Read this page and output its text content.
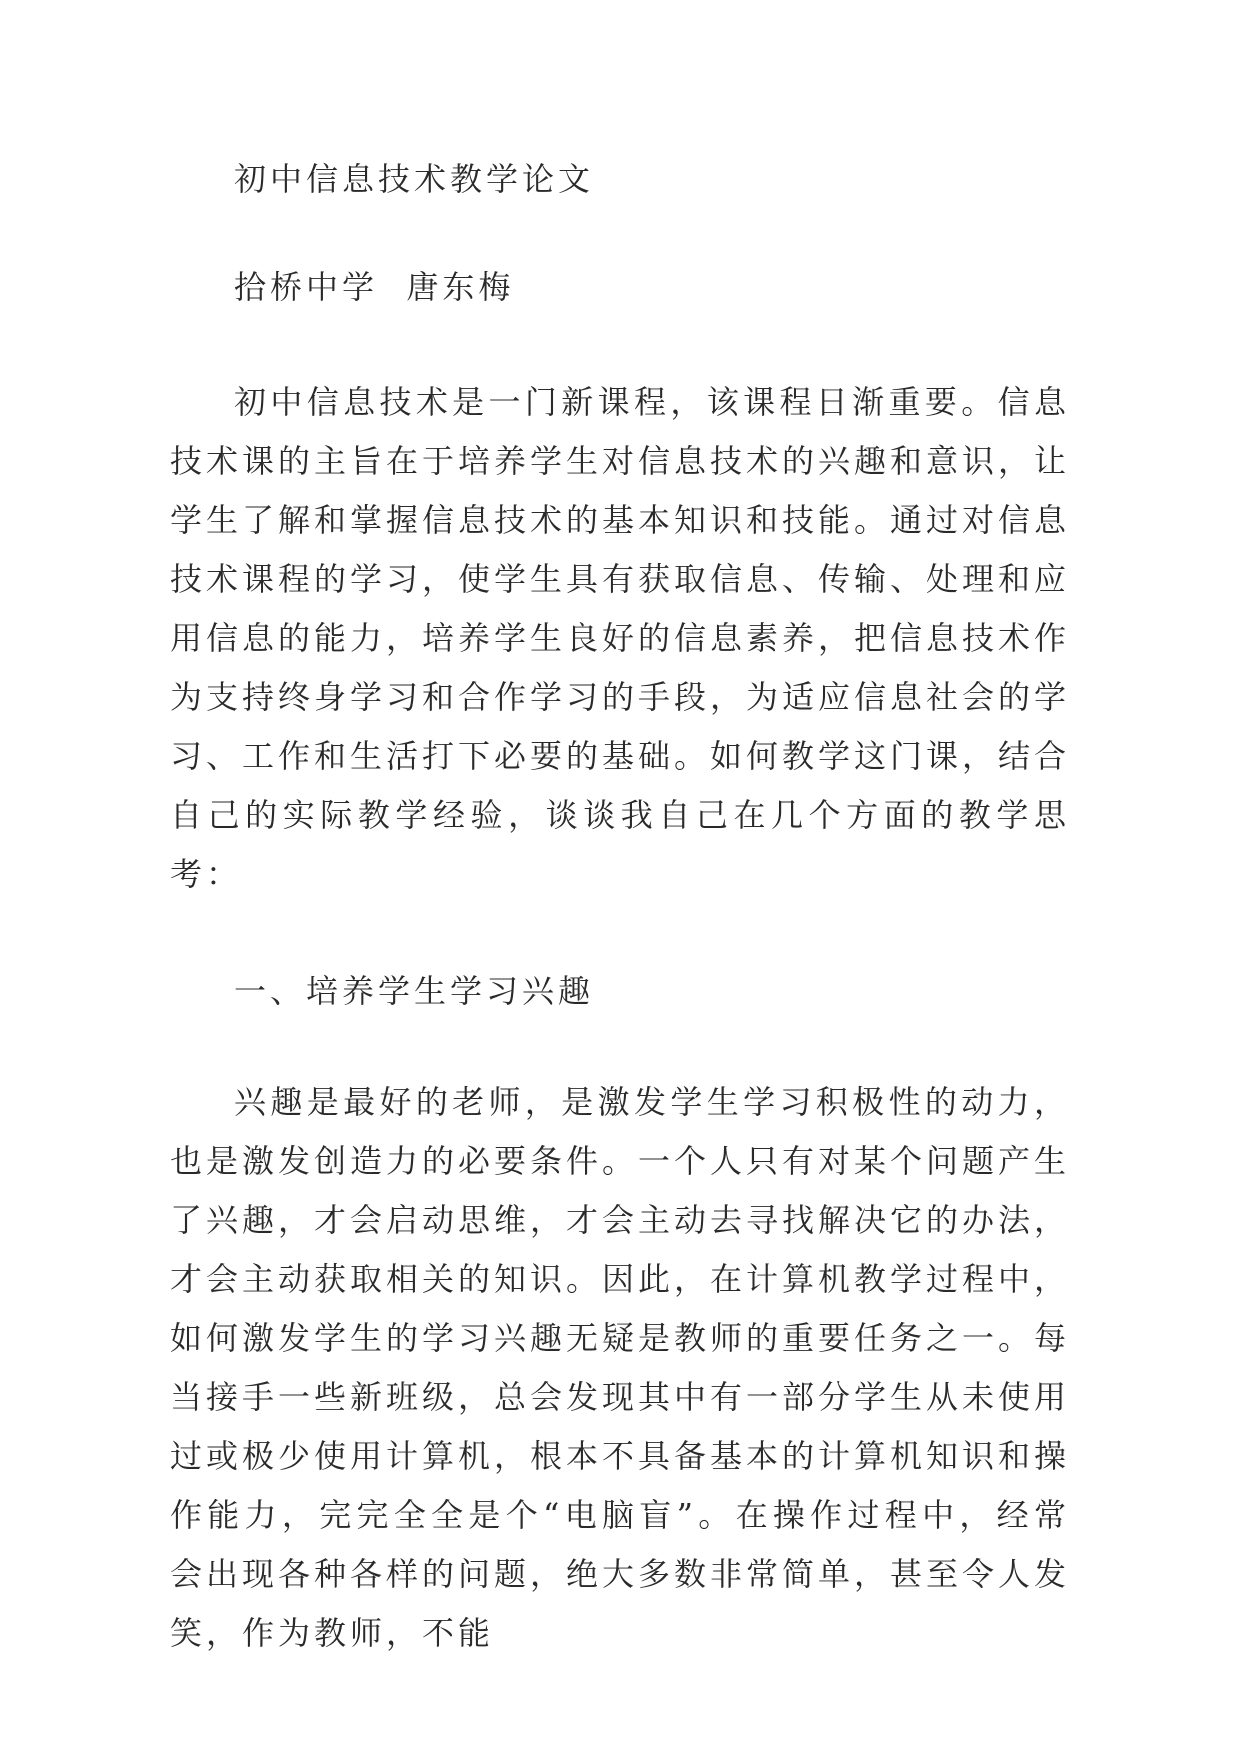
初中信息技术教学论文
拾桥中学  唐东梅

初中信息技术是一门新课程，该课程日渐重要。信息技术课的主旨在于培养学生对信息技术的兴趣和意识，让学生了解和掌握信息技术的基本知识和技能。通过对信息技术课程的学习，使学生具有获取信息、传输、处理和应用信息的能力，培养学生良好的信息素养，把信息技术作为支持终身学习和合作学习的手段，为适应信息社会的学习、工作和生活打下必要的基础。如何教学这门课，结合自己的实际教学经验，谈谈我自己在几个方面的教学思考：

一、培养学生学习兴趣

兴趣是最好的老师，是激发学生学习积极性的动力，也是激发创造力的必要条件。一个人只有对某个问题产生了兴趣，才会启动思维，才会主动去寻找解决它的办法，才会主动获取相关的知识。因此，在计算机教学过程中，如何激发学生的学习兴趣无疑是教师的重要任务之一。每当接手一些新班级，总会发现其中有一部分学生从未使用过或极少使用计算机，根本不具备基本的计算机知识和操作能力，完完全全是个“电脑盲”。在操作过程中，经常会出现各种各样的问题，绝大多数非常简单，甚至令人发笑，作为教师，不能
